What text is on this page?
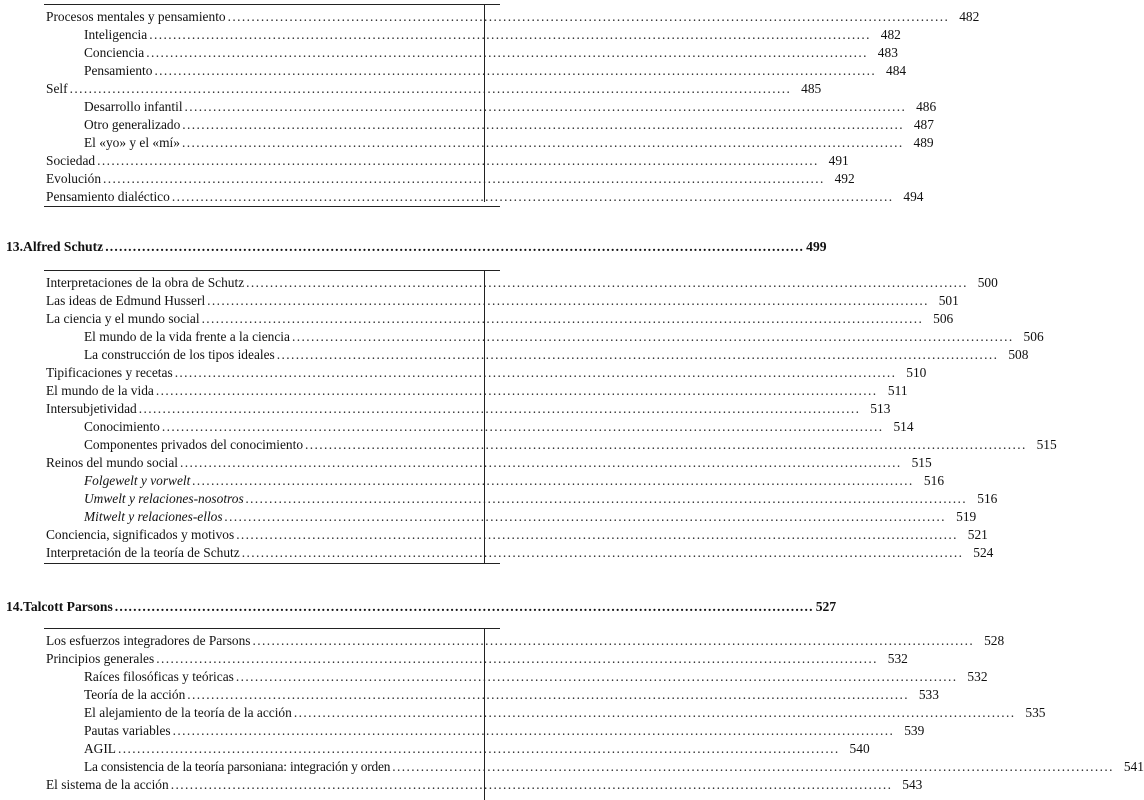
Procesos mentales y pensamiento ........................................................................................................................................................ 482
Inteligencia ........................................................................................................................................................ 482
Conciencia ........................................................................................................................................................ 483
Pensamiento ........................................................................................................................................................ 484
Self ........................................................................................................................................................ 485
Desarrollo infantil ........................................................................................................................................................ 486
Otro generalizado ........................................................................................................................................................ 487
El «yo» y el «mí» ........................................................................................................................................................ 489
Sociedad ........................................................................................................................................................ 491
Evolución ........................................................................................................................................................ 492
Pensamiento dialéctico ........................................................................................................................................................ 494
13. Alfred Schutz ........................................................................................................................................................ 499
Interpretaciones de la obra de Schutz ........................................................................................................................................................ 500
Las ideas de Edmund Husserl ........................................................................................................................................................ 501
La ciencia y el mundo social ........................................................................................................................................................ 506
El mundo de la vida frente a la ciencia ........................................................................................................................................................ 506
La construcción de los tipos ideales ........................................................................................................................................................ 508
Tipificaciones y recetas ........................................................................................................................................................ 510
El mundo de la vida ........................................................................................................................................................ 511
Intersubjetividad ........................................................................................................................................................ 513
Conocimiento ........................................................................................................................................................ 514
Componentes privados del conocimiento ........................................................................................................................................................ 515
Reinos del mundo social ........................................................................................................................................................ 515
Folgewelt y vorwelt ........................................................................................................................................................ 516
Umwelt y relaciones-nosotros ........................................................................................................................................................ 516
Mitwelt y relaciones-ellos ........................................................................................................................................................ 519
Conciencia, significados y motivos ........................................................................................................................................................ 521
Interpretación de la teoría de Schutz ........................................................................................................................................................ 524
14. Talcott Parsons ........................................................................................................................................................ 527
Los esfuerzos integradores de Parsons ........................................................................................................................................................ 528
Principios generales ........................................................................................................................................................ 532
Raíces filosóficas y teóricas ........................................................................................................................................................ 532
Teoría de la acción ........................................................................................................................................................ 533
El alejamiento de la teoría de la acción ........................................................................................................................................................ 535
Pautas variables ........................................................................................................................................................ 539
AGIL ........................................................................................................................................................ 540
La consistencia de la teoría parsoniana: integración y orden ........................................................................................................................................................ 541
El sistema de la acción ........................................................................................................................................................ 543
